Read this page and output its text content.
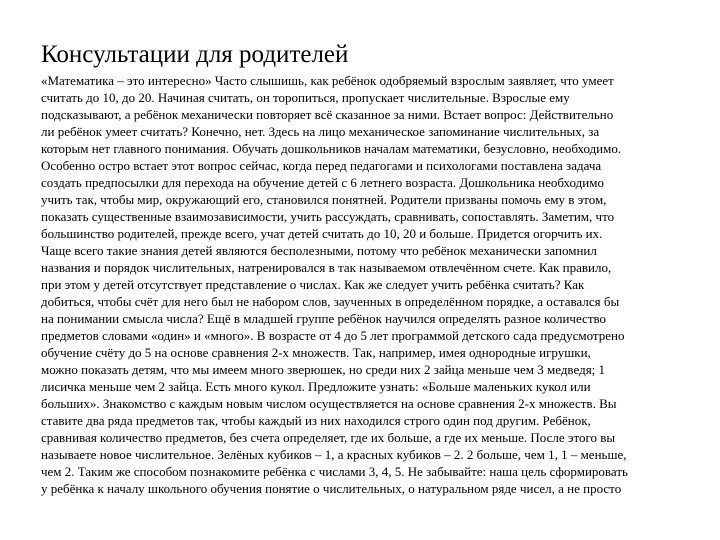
Консультации для родителей

«Математика – это интересно» Часто слышишь, как ребёнок одобряемый взрослым заявляет, что умеет

считать до 10, до 20. Начиная считать, он торопиться, пропускает числительные. Взрослые ему

подсказывают, а ребёнок механически повторяет всё сказанное за ними. Встает вопрос: Действительно

ли ребёнок умеет считать? Конечно, нет. Здесь на лицо механическое запоминание числительных, за

которым нет главного понимания. Обучать дошкольников началам математики, безусловно, необходимо.

Особенно остро встает этот вопрос сейчас, когда перед педагогами и психологами поставлена задача

создать предпосылки для перехода на обучение детей с 6 летнего возраста. Дошкольника необходимо

учить так, чтобы мир, окружающий его, становился понятней. Родители призваны помочь ему в этом,

показать существенные взаимозависимости, учить рассуждать, сравнивать, сопоставлять. Заметим, что

большинство родителей, прежде всего, учат детей считать до 10, 20 и больше. Придется огорчить их.

Чаще всего такие знания детей являются бесполезными, потому что ребёнок механически запомнил

названия и порядок числительных, натренировался в так называемом отвлечённом счете. Как правило,

при этом у детей отсутствует представление о числах. Как же следует учить ребёнка считать? Как

добиться, чтобы счёт для него был не набором слов, заученных в определённом порядке, а оставался бы

на понимании смысла числа? Ещё в младшей группе ребёнок научился определять разное количество

предметов словами «один» и «много». В возрасте от 4 до 5 лет программой детского сада предусмотрено

обучение счёту до 5 на основе сравнения 2-х множеств. Так, например, имея однородные игрушки,

можно показать детям, что мы имеем много зверюшек, но среди них 2 зайца меньше чем 3 медведя; 1

лисичка меньше чем 2 зайца. Есть много кукол. Предложите узнать: «Больше маленьких кукол или

больших». Знакомство с каждым новым числом осуществляется на основе сравнения 2-х множеств. Вы

ставите два ряда предметов так, чтобы каждый из них находился строго один под другим. Ребёнок,

сравнивая количество предметов, без счета определяет, где их больше, а где их меньше. После этого вы

называете новое числительное. Зелёных кубиков – 1, а красных кубиков – 2. 2 больше, чем 1, 1 – меньше,

чем 2. Таким же способом познакомите ребёнка с числами 3, 4, 5. Не забывайте: наша цель сформировать

у ребёнка к началу школьного обучения понятие о числительных, о натуральном ряде чисел, а не просто
